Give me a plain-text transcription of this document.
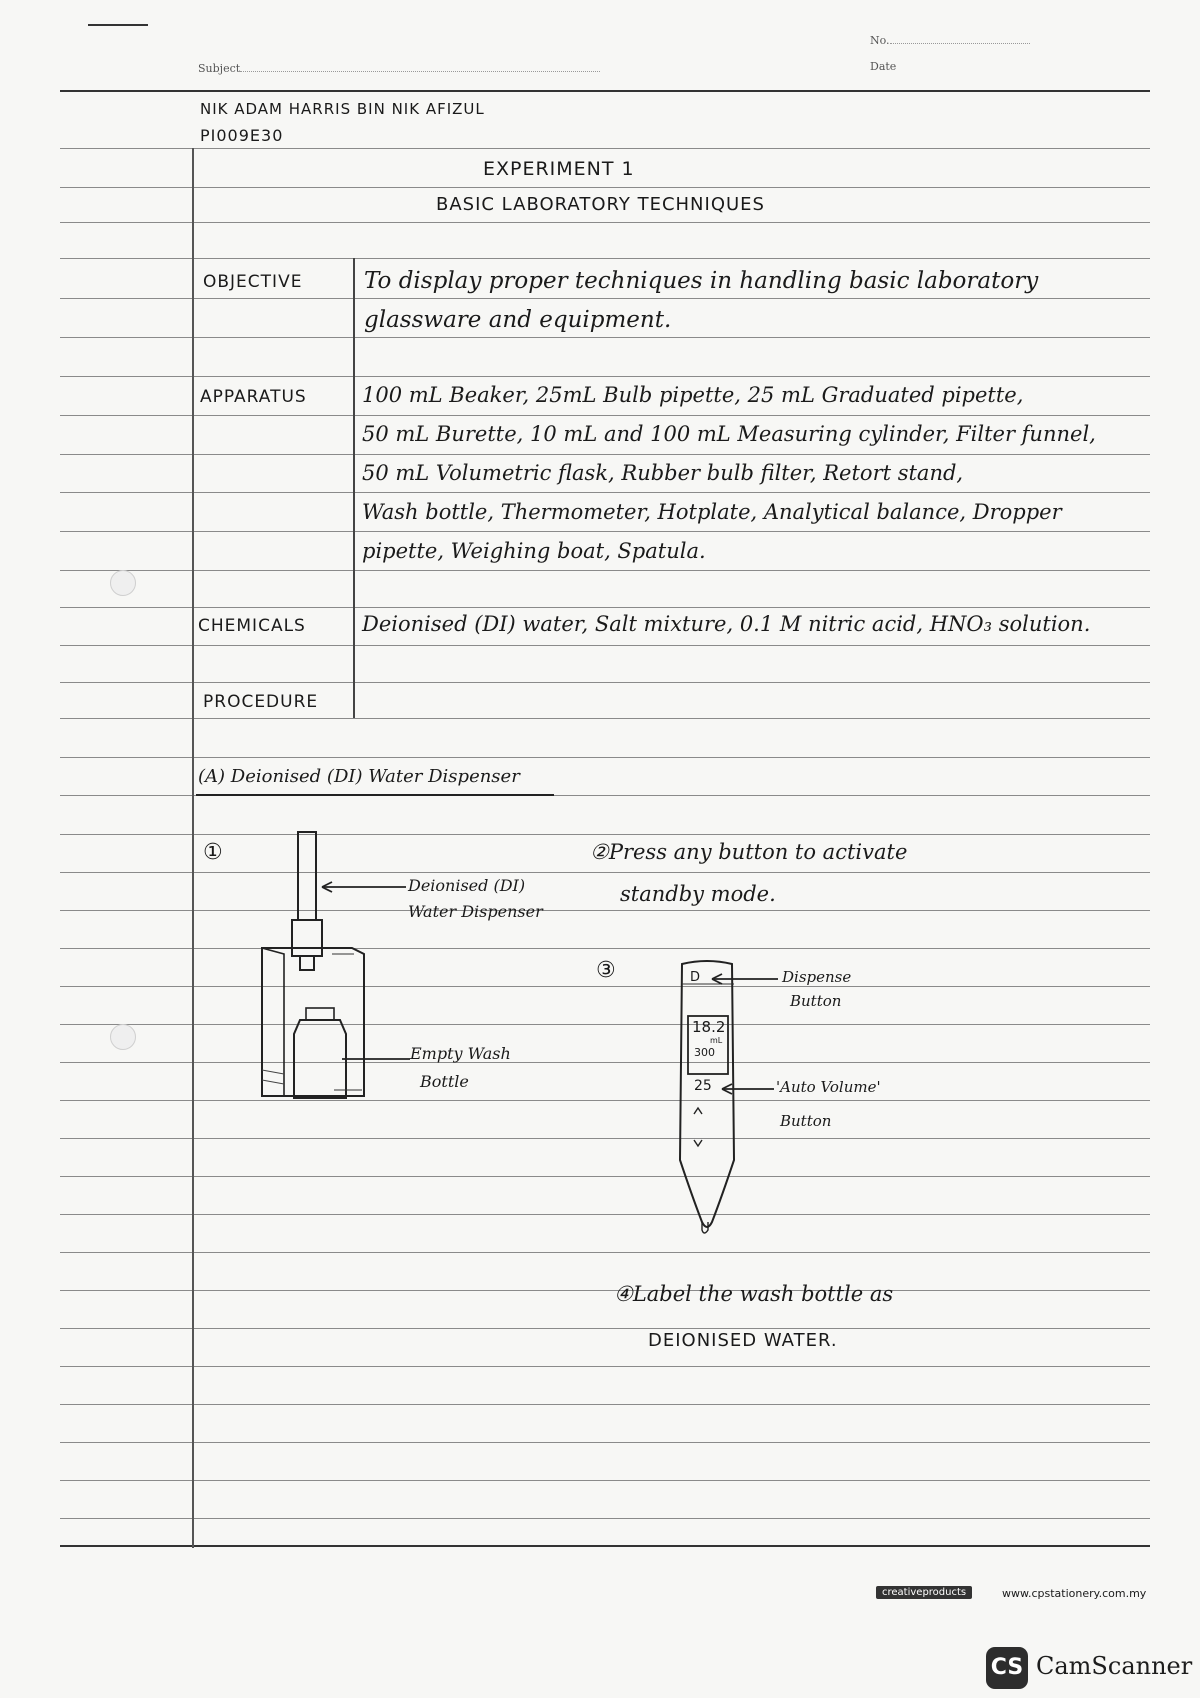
Subject
No.
Date
NIK ADAM HARRIS BIN NIK AFIZUL
PI009E30
EXPERIMENT 1
BASIC LABORATORY TECHNIQUES
OBJECTIVE	To display proper techniques in handling basic laboratory
glassware and equipment.
APPARATUS	100 mL Beaker, 25mL Bulb pipette, 25 mL Graduated pipette,
50 mL Burette, 10 mL and 100 mL Measuring cylinder, Filter funnel,
50 mL Volumetric flask, Rubber bulb filter, Retort stand,
Wash bottle, Thermometer, Hotplate, Analytical balance, Dropper
pipette, Weighing boat, Spatula.
CHEMICALS	Deionised (DI) water, Salt mixture, 0.1 M nitric acid, HNO₃ solution.
PROCEDURE
(A) Deionised (DI) Water Dispenser
①
Deionised (DI)
Water Dispenser
Empty Wash
Bottle
②Press any button to activate
standby mode.
③	D
18.2
mL
300
25
Dispense
Button
'Auto Volume'
Button
④Label the wash bottle as
DEIONISED WATER.
creativeproducts	www.cpstationery.com.my
CS CamScanner
